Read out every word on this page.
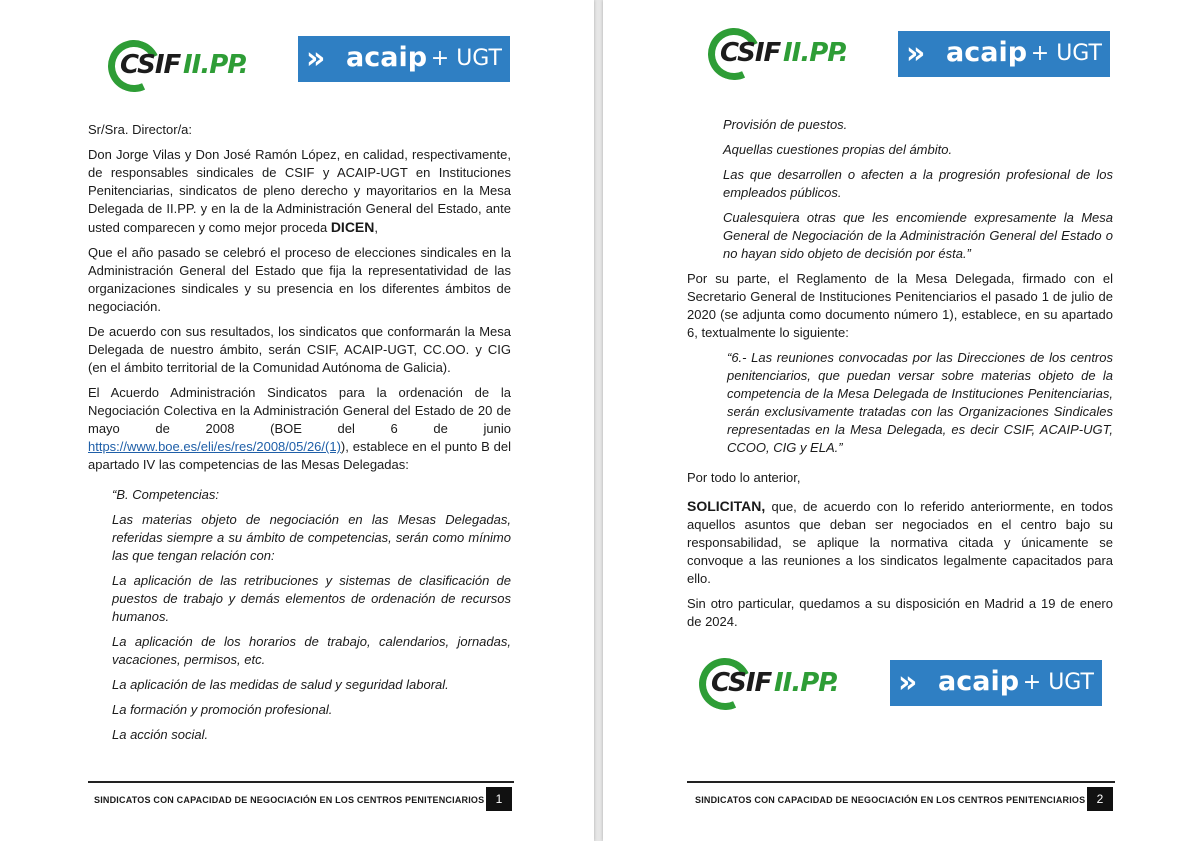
CSIF II.PP. » acaip + UGT

Sr/Sra. Director/a:

Don Jorge Vilas y Don José Ramón López, en calidad, respectivamente, de responsables sindicales de CSIF y ACAIP-UGT en Instituciones Penitenciarias, sindicatos de pleno derecho y mayoritarios en la Mesa Delegada de II.PP. y en la de la Administración General del Estado, ante usted comparecen y como mejor proceda DICEN,

Que el año pasado se celebró el proceso de elecciones sindicales en la Administración General del Estado que fija la representatividad de las organizaciones sindicales y su presencia en los diferentes ámbitos de negociación.

De acuerdo con sus resultados, los sindicatos que conformarán la Mesa Delegada de nuestro ámbito, serán CSIF, ACAIP-UGT, CC.OO. y CIG (en el ámbito territorial de la Comunidad Autónoma de Galicia).

El Acuerdo Administración Sindicatos para la ordenación de la Negociación Colectiva en la Administración General del Estado de 20 de mayo de 2008 (BOE del 6 de junio https://www.boe.es/eli/es/res/2008/05/26/(1)), establece en el punto B del apartado IV las competencias de las Mesas Delegadas:

“B. Competencias:

Las materias objeto de negociación en las Mesas Delegadas, referidas siempre a su ámbito de competencias, serán como mínimo las que tengan relación con:

La aplicación de las retribuciones y sistemas de clasificación de puestos de trabajo y demás elementos de ordenación de recursos humanos.

La aplicación de los horarios de trabajo, calendarios, jornadas, vacaciones, permisos, etc.

La aplicación de las medidas de salud y seguridad laboral.

La formación y promoción profesional.

La acción social.

SINDICATOS CON CAPACIDAD DE NEGOCIACIÓN EN LOS CENTROS PENITENCIARIOS 1
CSIF II.PP. » acaip + UGT

Provisión de puestos.

Aquellas cuestiones propias del ámbito.

Las que desarrollen o afecten a la progresión profesional de los empleados públicos.

Cualesquiera otras que les encomiende expresamente la Mesa General de Negociación de la Administración General del Estado o no hayan sido objeto de decisión por ésta.”

Por su parte, el Reglamento de la Mesa Delegada, firmado con el Secretario General de Instituciones Penitenciarios el pasado 1 de julio de 2020 (se adjunta como documento número 1), establece, en su apartado 6, textualmente lo siguiente:

“6.- Las reuniones convocadas por las Direcciones de los centros penitenciarios, que puedan versar sobre materias objeto de la competencia de la Mesa Delegada de Instituciones Penitenciarias, serán exclusivamente tratadas con las Organizaciones Sindicales representadas en la Mesa Delegada, es decir CSIF, ACAIP-UGT, CCOO, CIG y ELA.”

Por todo lo anterior,

SOLICITAN, que, de acuerdo con lo referido anteriormente, en todos aquellos asuntos que deban ser negociados en el centro bajo su responsabilidad, se aplique la normativa citada y únicamente se convoque a las reuniones a los sindicatos legalmente capacitados para ello.

Sin otro particular, quedamos a su disposición en Madrid a 19 de enero de 2024.

CSIF II.PP. » acaip + UGT
SINDICATOS CON CAPACIDAD DE NEGOCIACIÓN EN LOS CENTROS PENITENCIARIOS 2
